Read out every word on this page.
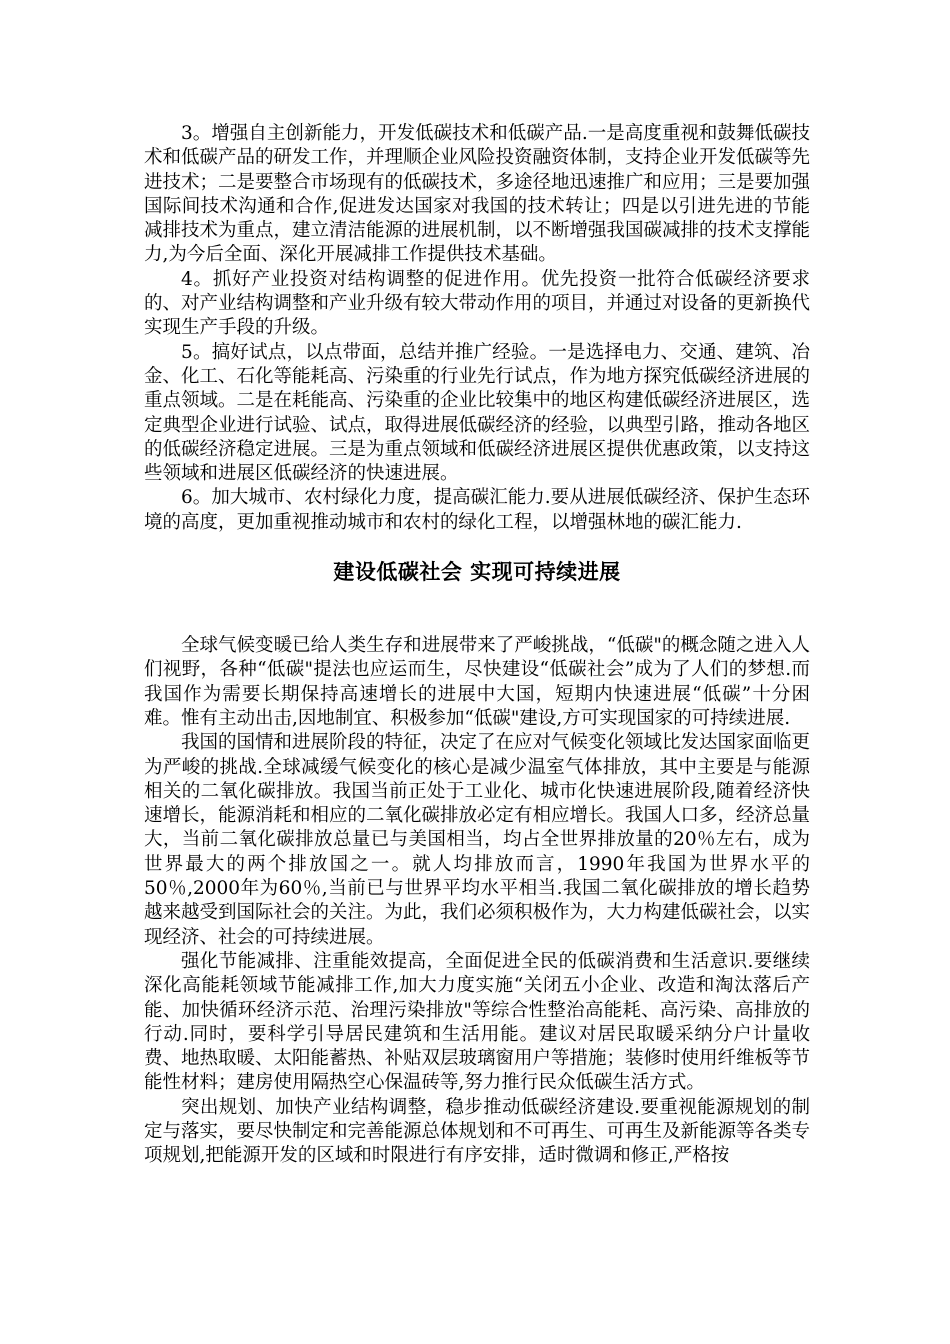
3。增强自主创新能力，开发低碳技术和低碳产品.一是高度重视和鼓舞低碳技术和低碳产品的研发工作，并理顺企业风险投资融资体制，支持企业开发低碳等先进技术；二是要整合市场现有的低碳技术，多途径地迅速推广和应用；三是要加强国际间技术沟通和合作,促进发达国家对我国的技术转让；四是以引进先进的节能减排技术为重点，建立清洁能源的进展机制，以不断增强我国碳减排的技术支撑能力,为今后全面、深化开展减排工作提供技术基础。

4。抓好产业投资对结构调整的促进作用。优先投资一批符合低碳经济要求的、对产业结构调整和产业升级有较大带动作用的项目，并通过对设备的更新换代实现生产手段的升级。

5。搞好试点，以点带面，总结并推广经验。一是选择电力、交通、建筑、冶金、化工、石化等能耗高、污染重的行业先行试点，作为地方探究低碳经济进展的重点领域。二是在耗能高、污染重的企业比较集中的地区构建低碳经济进展区，选定典型企业进行试验、试点，取得进展低碳经济的经验，以典型引路，推动各地区的低碳经济稳定进展。三是为重点领域和低碳经济进展区提供优惠政策，以支持这些领域和进展区低碳经济的快速进展。

6。加大城市、农村绿化力度，提高碳汇能力.要从进展低碳经济、保护生态环境的高度，更加重视推动城市和农村的绿化工程，以增强林地的碳汇能力.

建设低碳社会 实现可持续进展

全球气候变暖已给人类生存和进展带来了严峻挑战，“低碳"的概念随之进入人们视野，各种“低碳"提法也应运而生，尽快建设“低碳社会”成为了人们的梦想.而我国作为需要长期保持高速增长的进展中大国，短期内快速进展“低碳”十分困难。惟有主动出击,因地制宜、积极参加“低碳"建设,方可实现国家的可持续进展.

我国的国情和进展阶段的特征，决定了在应对气候变化领域比发达国家面临更为严峻的挑战.全球减缓气候变化的核心是减少温室气体排放，其中主要是与能源相关的二氧化碳排放。我国当前正处于工业化、城市化快速进展阶段,随着经济快速增长，能源消耗和相应的二氧化碳排放必定有相应增长。我国人口多，经济总量大，当前二氧化碳排放总量已与美国相当，均占全世界排放量的20％左右，成为世界最大的两个排放国之一。就人均排放而言，1990年我国为世界水平的50％,2000年为60％,当前已与世界平均水平相当.我国二氧化碳排放的增长趋势越来越受到国际社会的关注。为此，我们必须积极作为，大力构建低碳社会，以实现经济、社会的可持续进展。

强化节能减排、注重能效提高，全面促进全民的低碳消费和生活意识.要继续深化高能耗领域节能减排工作,加大力度实施“关闭五小企业、改造和淘汰落后产能、加快循环经济示范、治理污染排放"等综合性整治高能耗、高污染、高排放的行动.同时，要科学引导居民建筑和生活用能。建议对居民取暖采纳分户计量收费、地热取暖、太阳能蓄热、补贴双层玻璃窗用户等措施；装修时使用纤维板等节能性材料；建房使用隔热空心保温砖等,努力推行民众低碳生活方式。

突出规划、加快产业结构调整，稳步推动低碳经济建设.要重视能源规划的制定与落实，要尽快制定和完善能源总体规划和不可再生、可再生及新能源等各类专项规划,把能源开发的区域和时限进行有序安排，适时微调和修正,严格按
